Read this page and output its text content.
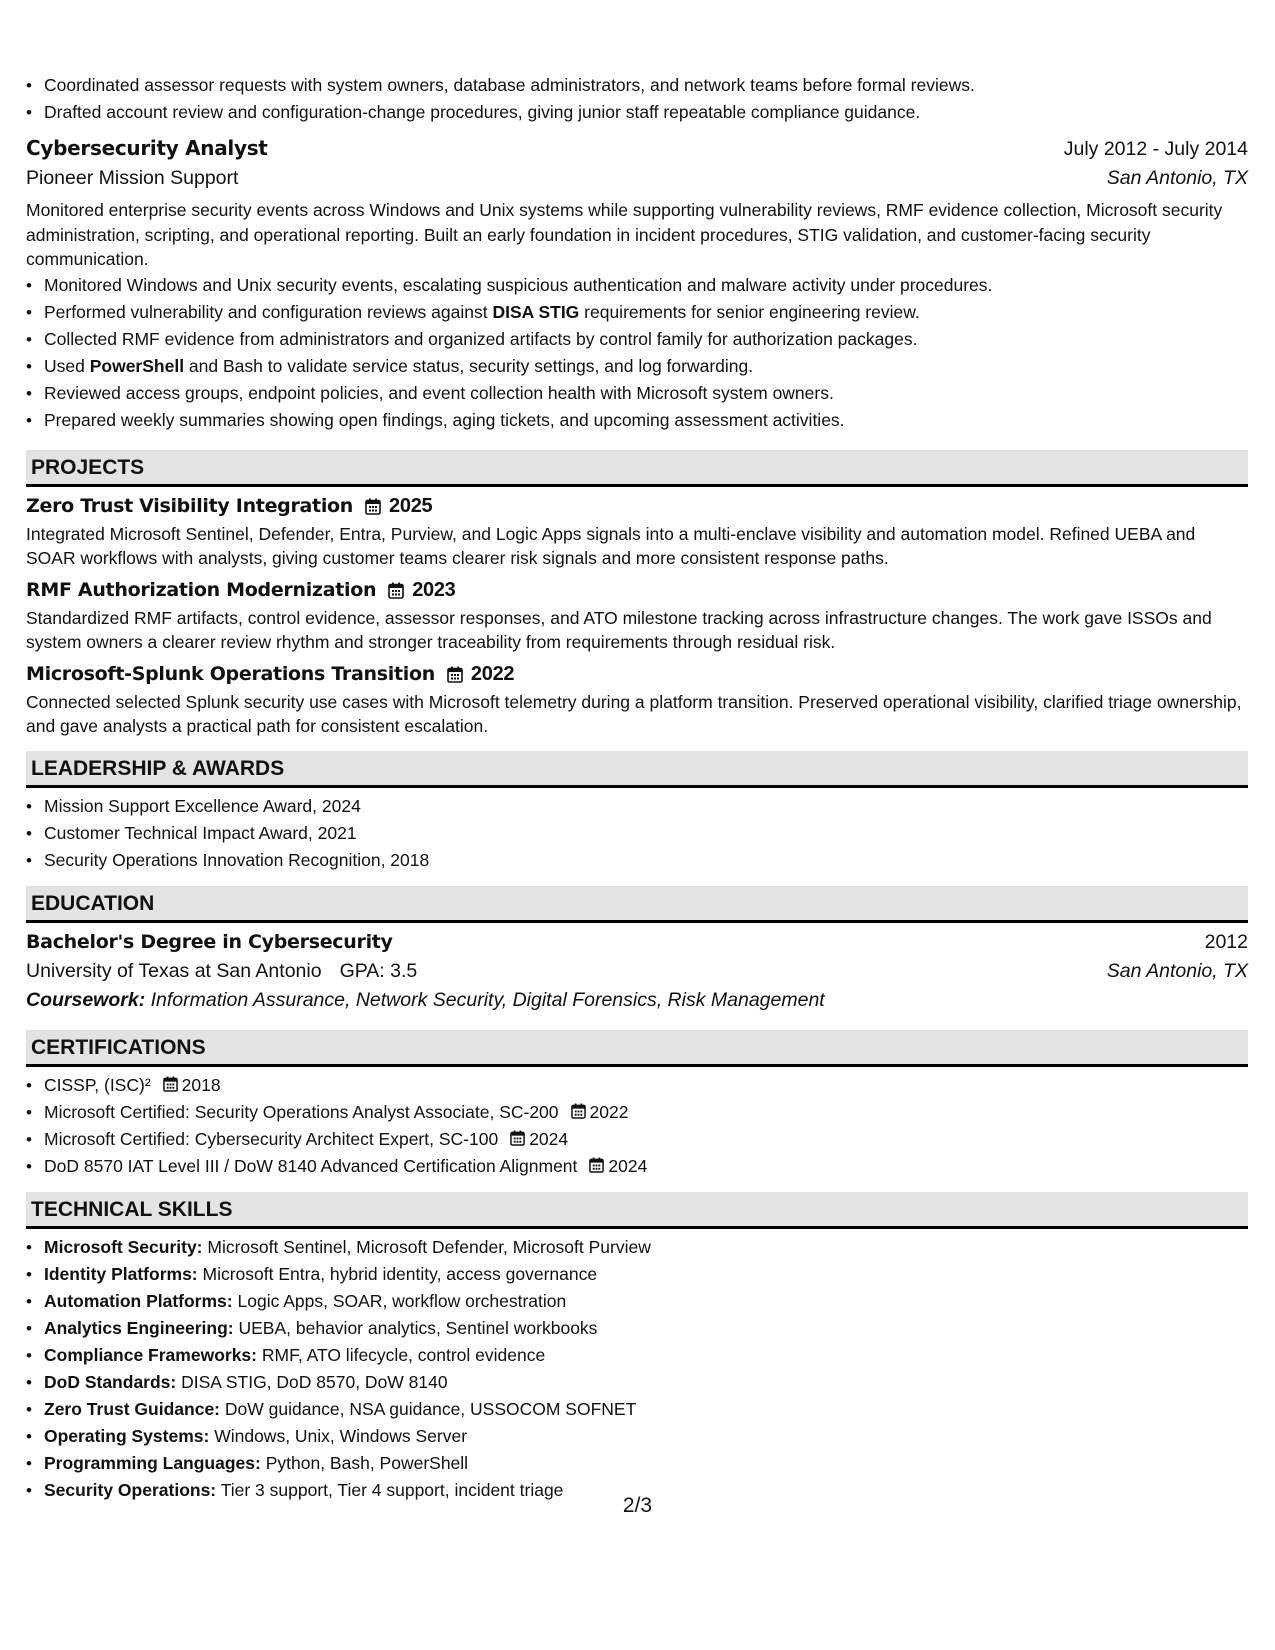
• Coordinated assessor requests with system owners, database administrators, and network teams before formal reviews.
• Drafted account review and configuration-change procedures, giving junior staff repeatable compliance guidance.
Cybersecurity Analyst	July 2012 - July 2014
Pioneer Mission Support	San Antonio, TX
Monitored enterprise security events across Windows and Unix systems while supporting vulnerability reviews, RMF evidence collection, Microsoft security administration, scripting, and operational reporting. Built an early foundation in incident procedures, STIG validation, and customer-facing security communication.
• Monitored Windows and Unix security events, escalating suspicious authentication and malware activity under procedures.
• Performed vulnerability and configuration reviews against DISA STIG requirements for senior engineering review.
• Collected RMF evidence from administrators and organized artifacts by control family for authorization packages.
• Used PowerShell and Bash to validate service status, security settings, and log forwarding.
• Reviewed access groups, endpoint policies, and event collection health with Microsoft system owners.
• Prepared weekly summaries showing open findings, aging tickets, and upcoming assessment activities.
PROJECTS
Zero Trust Visibility Integration 2025
Integrated Microsoft Sentinel, Defender, Entra, Purview, and Logic Apps signals into a multi-enclave visibility and automation model. Refined UEBA and SOAR workflows with analysts, giving customer teams clearer risk signals and more consistent response paths.
RMF Authorization Modernization 2023
Standardized RMF artifacts, control evidence, assessor responses, and ATO milestone tracking across infrastructure changes. The work gave ISSOs and system owners a clearer review rhythm and stronger traceability from requirements through residual risk.
Microsoft-Splunk Operations Transition 2022
Connected selected Splunk security use cases with Microsoft telemetry during a platform transition. Preserved operational visibility, clarified triage ownership, and gave analysts a practical path for consistent escalation.
LEADERSHIP & AWARDS
• Mission Support Excellence Award, 2024
• Customer Technical Impact Award, 2021
• Security Operations Innovation Recognition, 2018
EDUCATION
Bachelor's Degree in Cybersecurity	2012
University of Texas at San Antonio GPA: 3.5	San Antonio, TX
Coursework: Information Assurance, Network Security, Digital Forensics, Risk Management
CERTIFICATIONS
• CISSP, (ISC)² 2018
• Microsoft Certified: Security Operations Analyst Associate, SC-200 2022
• Microsoft Certified: Cybersecurity Architect Expert, SC-100 2024
• DoD 8570 IAT Level III / DoW 8140 Advanced Certification Alignment 2024
TECHNICAL SKILLS
• Microsoft Security: Microsoft Sentinel, Microsoft Defender, Microsoft Purview
• Identity Platforms: Microsoft Entra, hybrid identity, access governance
• Automation Platforms: Logic Apps, SOAR, workflow orchestration
• Analytics Engineering: UEBA, behavior analytics, Sentinel workbooks
• Compliance Frameworks: RMF, ATO lifecycle, control evidence
• DoD Standards: DISA STIG, DoD 8570, DoW 8140
• Zero Trust Guidance: DoW guidance, NSA guidance, USSOCOM SOFNET
• Operating Systems: Windows, Unix, Windows Server
• Programming Languages: Python, Bash, PowerShell
• Security Operations: Tier 3 support, Tier 4 support, incident triage
2/3
